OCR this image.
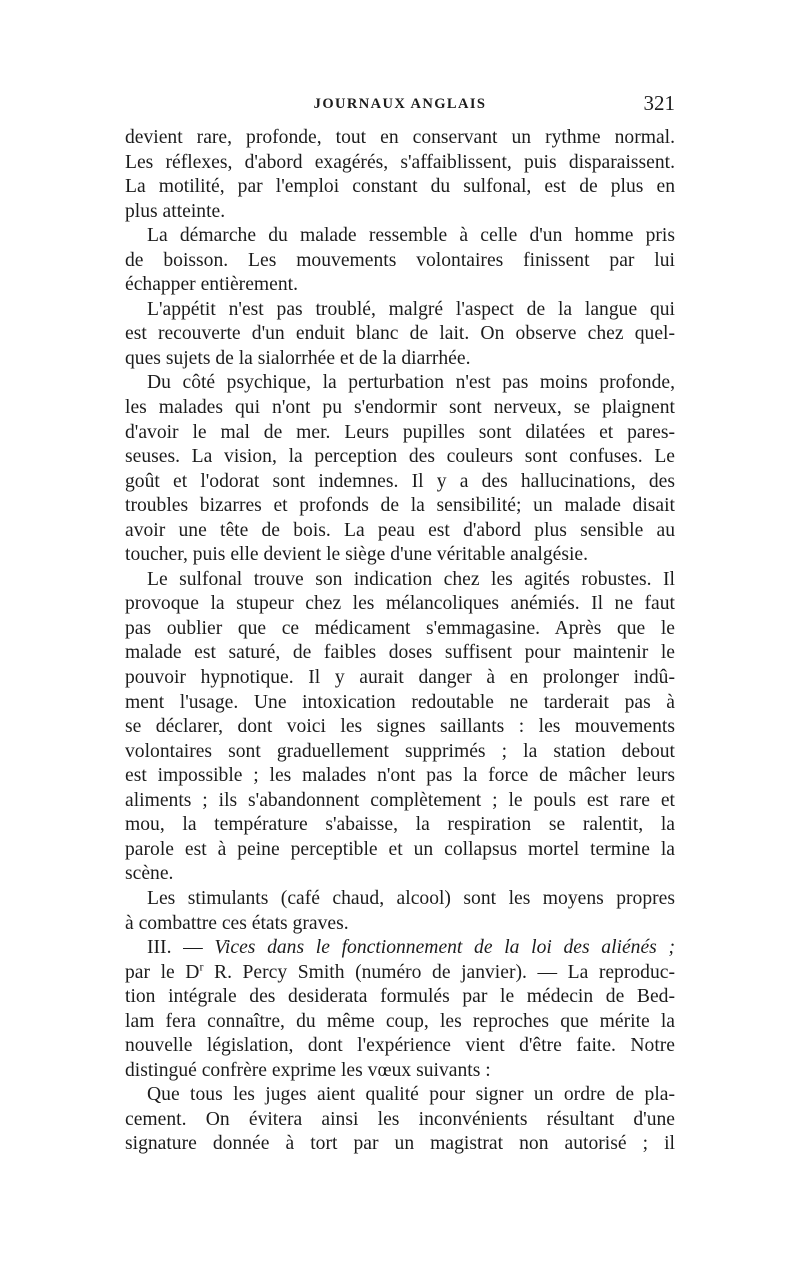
JOURNAUX ANGLAIS	321
devient rare, profonde, tout en conservant un rythme normal.
Les réflexes, d'abord exagérés, s'affaiblissent, puis disparaissent.
La motilité, par l'emploi constant du sulfonal, est de plus en
plus atteinte.
La démarche du malade ressemble à celle d'un homme pris
de boisson. Les mouvements volontaires finissent par lui
échapper entièrement.
L'appétit n'est pas troublé, malgré l'aspect de la langue qui
est recouverte d'un enduit blanc de lait. On observe chez quel-
ques sujets de la sialorrhée et de la diarrhée.
Du côté psychique, la perturbation n'est pas moins profonde,
les malades qui n'ont pu s'endormir sont nerveux, se plaignent
d'avoir le mal de mer. Leurs pupilles sont dilatées et pares-
seuses. La vision, la perception des couleurs sont confuses. Le
goût et l'odorat sont indemnes. Il y a des hallucinations, des
troubles bizarres et profonds de la sensibilité; un malade disait
avoir une tête de bois. La peau est d'abord plus sensible au
toucher, puis elle devient le siège d'une véritable analgésie.
Le sulfonal trouve son indication chez les agités robustes. Il
provoque la stupeur chez les mélancoliques anémiés. Il ne faut
pas oublier que ce médicament s'emmagasine. Après que le
malade est saturé, de faibles doses suffisent pour maintenir le
pouvoir hypnotique. Il y aurait danger à en prolonger indû-
ment l'usage. Une intoxication redoutable ne tarderait pas à
se déclarer, dont voici les signes saillants : les mouvements
volontaires sont graduellement supprimés ; la station debout
est impossible ; les malades n'ont pas la force de mâcher leurs
aliments ; ils s'abandonnent complètement ; le pouls est rare et
mou, la température s'abaisse, la respiration se ralentit, la
parole est à peine perceptible et un collapsus mortel termine la
scène.
Les stimulants (café chaud, alcool) sont les moyens propres
à combattre ces états graves.
III. — Vices dans le fonctionnement de la loi des aliénés ;
par le $D^r$ R. Percy Smith (numéro de janvier). — La reproduc-
tion intégrale des desiderata formulés par le médecin de Bed-
lam fera connaître, du même coup, les reproches que mérite la
nouvelle législation, dont l'expérience vient d'être faite. Notre
distingué confrère exprime les vœux suivants :
Que tous les juges aient qualité pour signer un ordre de pla-
cement. On évitera ainsi les inconvénients résultant d'une
signature donnée à tort par un magistrat non autorisé ; il
